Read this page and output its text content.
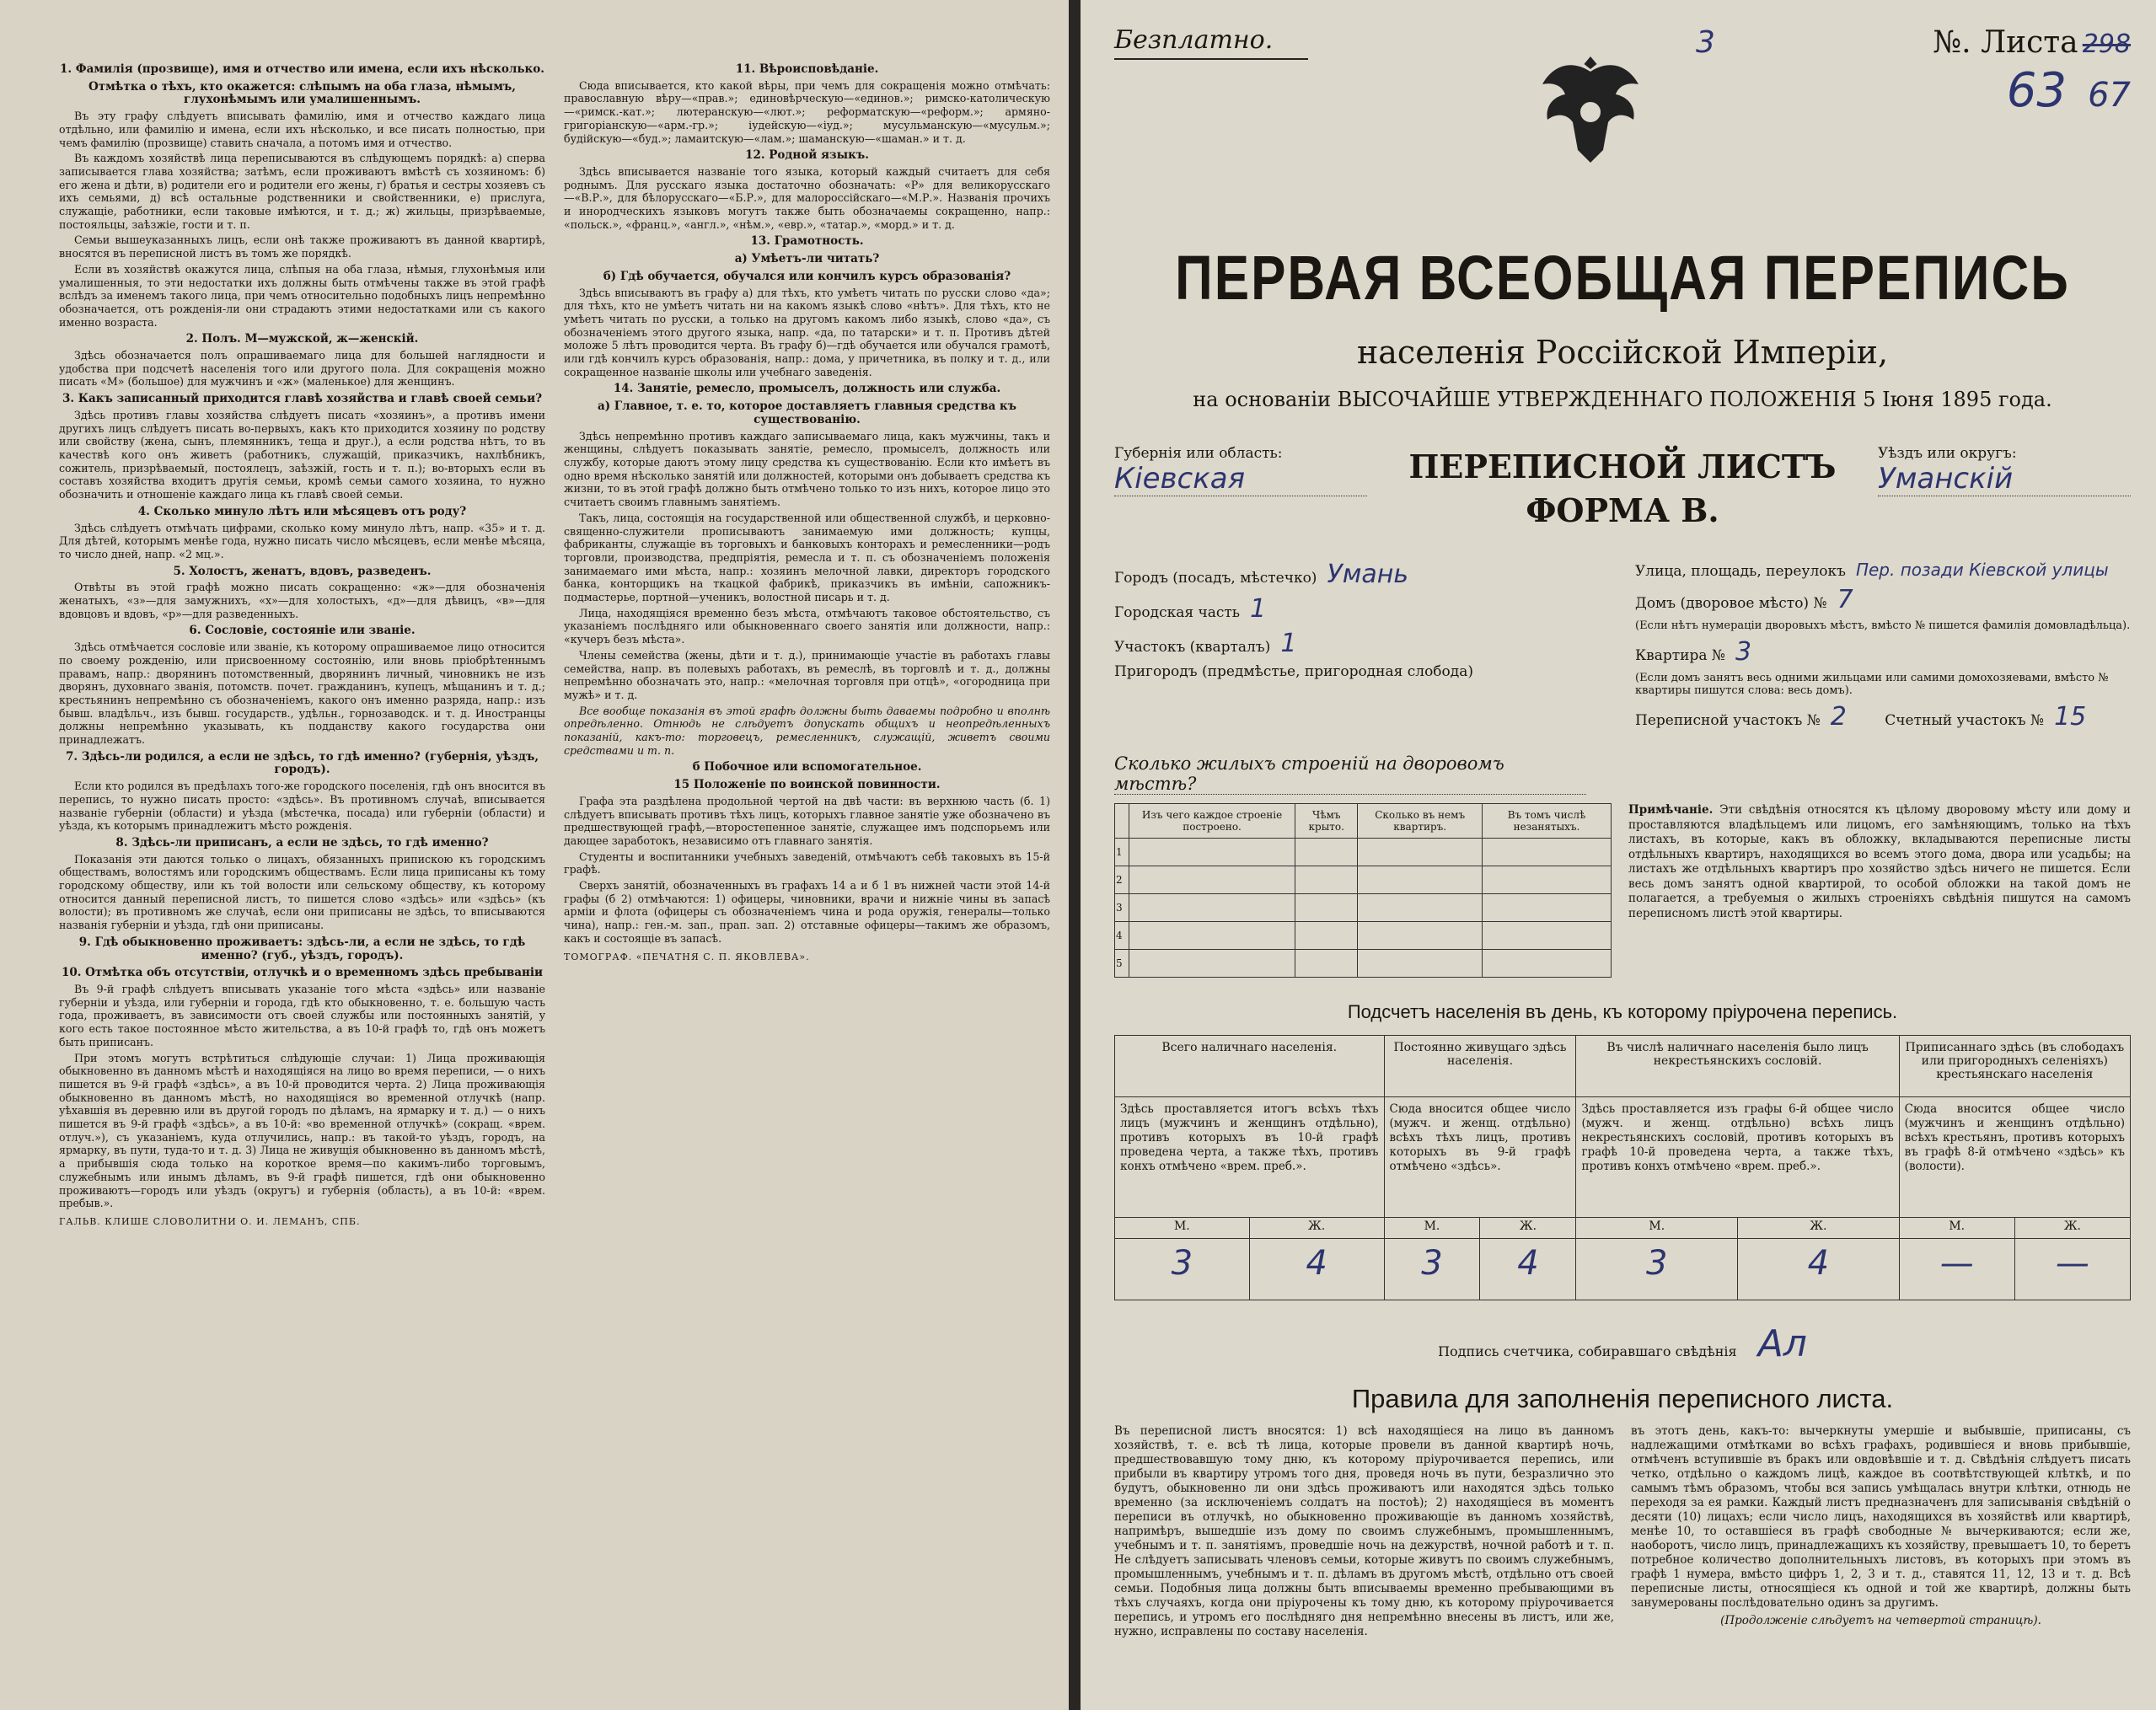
1. Фамилія (прозвище), имя и отчество или имена, если ихъ нѣсколько.
Отмѣтка о тѣхъ, кто окажется: слѣпымъ на оба глаза, нѣмымъ, глухонѣмымъ или умалишеннымъ.

Въ эту графу слѣдуетъ вписывать фамилію, имя и отчество каждаго лица отдѣльно, или фамилію и имена, если ихъ нѣсколько, и все писать полностью, при чемъ фамилію (прозвище) ставить сначала, а потомъ имя и отчество.

Въ каждомъ хозяйствѣ лица переписываются въ слѣдующемъ порядкѣ: а) сперва записывается глава хозяйства; затѣмъ, если проживаютъ вмѣстѣ съ хозяиномъ: б) его жена и дѣти, в) родители его и родители его жены, г) братья и сестры хозяевъ съ ихъ семьями, д) всѣ остальные родственники и свойственники, е) прислуга, служащіе, работники, если таковые имѣются, и т. д.; ж) жильцы, призрѣваемые, постояльцы, заѣзжіе, гости и т. п.

Семьи вышеуказанныхъ лицъ, если онѣ также проживаютъ въ данной квартирѣ, вносятся въ переписной листъ въ томъ же порядкѣ.

Если въ хозяйствѣ окажутся лица, слѣпыя на оба глаза, нѣмыя, глухонѣмыя или умалишенныя, то эти недостатки ихъ должны быть отмѣчены также въ этой графѣ вслѣдъ за именемъ такого лица, при чемъ относительно подобныхъ лицъ непремѣнно обозначается, отъ рожденія-ли они страдаютъ этими недостатками или съ какого именно возраста.

2. Полъ. М—мужской, ж—женскій.

Здѣсь обозначается полъ опрашиваемаго лица для большей наглядности и удобства при подсчетѣ населенія того или другого пола. Для сокращенія можно писать «М» (большое) для мужчинъ и «ж» (маленькое) для женщинъ.

3. Какъ записанный приходится главѣ хозяйства и главѣ своей семьи?

Здѣсь противъ главы хозяйства слѣдуетъ писать «хозяинъ», а противъ имени другихъ лицъ слѣдуетъ писать во-первыхъ, какъ кто приходится хозяину по родству или свойству (жена, сынъ, племянникъ, теща и друг.), а если родства нѣтъ, то въ качествѣ кого онъ живетъ (работникъ, служащій, приказчикъ, нахлѣбникъ, сожитель, призрѣваемый, постоялецъ, заѣзжій, гость и т. п.); во-вторыхъ если въ составъ хозяйства входитъ другія семьи, кромѣ семьи самого хозяина, то нужно обозначить и отношеніе каждаго лица къ главѣ своей семьи.

4. Сколько минуло лѣтъ или мѣсяцевъ отъ роду?

Здѣсь слѣдуетъ отмѣчать цифрами, сколько кому минуло лѣтъ, напр. «35» и т. д. Для дѣтей, которымъ менѣе года, нужно писать число мѣсяцевъ, если менѣе мѣсяца, то число дней, напр. «2 мц.».

5. Холостъ, женатъ, вдовъ, разведенъ.

Отвѣты въ этой графѣ можно писать сокращенно: «ж»—для обозначенія женатыхъ, «з»—для замужнихъ, «х»—для холостыхъ, «д»—для дѣвицъ, «в»—для вдовцовъ и вдовъ, «р»—для разведенныхъ.

6. Сословіе, состояніе или званіе.

Здѣсь отмѣчается сословіе или званіе, къ которому опрашиваемое лицо относится по своему рожденію, или присвоенному состоянію, или вновь пріобрѣтеннымъ правамъ, напр.: дворянинъ потомственный, дворянинъ личный, чиновникъ не изъ дворянъ, духовнаго званія, потомств. почет. гражданинъ, купецъ, мѣщанинъ и т. д.; крестьянинъ непремѣнно съ обозначеніемъ, какого онъ именно разряда, напр.: изъ бывш. владѣльч., изъ бывш. государств., удѣльн., горнозаводск. и т. д. Иностранцы должны непремѣнно указывать, къ подданству какого государства они принадлежатъ.

7. Здѣсь-ли родился, а если не здѣсь, то гдѣ именно? (губернія, уѣздъ, городъ).

Если кто родился въ предѣлахъ того-же городского поселенія, гдѣ онъ вносится въ перепись, то нужно писать просто: «здѣсь». Въ противномъ случаѣ, вписывается названіе губерніи (области) и уѣзда (мѣстечка, посада) или губерніи (области) и уѣзда, къ которымъ принадлежитъ мѣсто рожденія.

8. Здѣсь-ли приписанъ, а если не здѣсь, то гдѣ именно?

Показанія эти даются только о лицахъ, обязанныхъ припискою къ городскимъ обществамъ, волостямъ или городскимъ обществамъ. Если лица приписаны къ тому городскому обществу, или къ той волости или сельскому обществу, къ которому относится данный переписной листъ, то пишется слово «здѣсь» или «здѣсь» (къ волости); въ противномъ же случаѣ, если они приписаны не здѣсь, то вписываются названія губерніи и уѣзда, гдѣ они приписаны.

9. Гдѣ обыкновенно проживаетъ: здѣсь-ли, а если не здѣсь, то гдѣ именно? (губ., уѣздъ, городъ).
10. Отмѣтка объ отсутствіи, отлучкѣ и о временномъ здѣсь пребываніи

Въ 9-й графѣ слѣдуетъ вписывать указаніе того мѣста «здѣсь» или названіе губерніи и уѣзда, или губерніи и города, гдѣ кто обыкновенно, т. е. большую часть года, проживаетъ, въ зависимости отъ своей службы или постоянныхъ занятій, у кого есть такое постоянное мѣсто жительства, а въ 10-й графѣ то, гдѣ онъ можетъ быть приписанъ.

При этомъ могутъ встрѣтиться слѣдующіе случаи: 1) Лица проживающія обыкновенно въ данномъ мѣстѣ и находящіяся на лицо во время переписи, — о нихъ пишется въ 9-й графѣ «здѣсь», а въ 10-й проводится черта. 2) Лица проживающія обыкновенно въ данномъ мѣстѣ, но находящіяся во временной отлучкѣ (напр. уѣхавшія въ деревню или въ другой городъ по дѣламъ, на ярмарку и т. д.) — о нихъ пишется въ 9-й графѣ «здѣсь», а въ 10-й: «во временной отлучкѣ» (сокращ. «врем. отлуч.»), съ указаніемъ, куда отлучились, напр.: въ такой-то уѣздъ, городъ, на ярмарку, въ пути, туда-то и т. д. 3) Лица не живущія обыкновенно въ данномъ мѣстѣ, а прибывшія сюда только на короткое время—по какимъ-либо торговымъ, служебнымъ или инымъ дѣламъ, въ 9-й графѣ пишется, гдѣ они обыкновенно проживаютъ—городъ или уѣздъ (округъ) и губернія (область), а въ 10-й: «врем. пребыв.».

ГАЛЬВ. КЛИШЕ СЛОВОЛИТНИ О. И. ЛЕМАНЪ, СПБ.
11. Вѣроисповѣданіе.

Сюда вписывается, кто какой вѣры, при чемъ для сокращенія можно отмѣчать: православную вѣру—«прав.»; единовѣрческую—«единов.»; римско-католическую—«римск.-кат.»; лютеранскую—«лют.»; реформатскую—«реформ.»; армяно-григоріанскую—«арм.-гр.»; іудейскую—«іуд.»; мусульманскую—«мусульм.»; будійскую—«буд.»; ламаитскую—«лам.»; шаманскую—«шаман.» и т. д.

12. Родной языкъ.

Здѣсь вписывается названіе того языка, который каждый считаетъ для себя роднымъ. Для русскаго языка достаточно обозначать: «Р» для великорусскаго—«В.Р.», для бѣлорусскаго—«Б.Р.», для малороссійскаго—«М.Р.». Названія прочихъ и инородческихъ языковъ могутъ также быть обозначаемы сокращенно, напр.: «польск.», «франц.», «англ.», «нѣм.», «евр.», «татар.», «морд.» и т. д.

13. Грамотность.
а) Умѣетъ-ли читать?
б) Гдѣ обучается, обучался или кончилъ курсъ образованія?

Здѣсь вписываютъ въ графу а) для тѣхъ, кто умѣетъ читать по русски слово «да»; для тѣхъ, кто не умѣетъ читать ни на какомъ языкѣ слово «нѣтъ». Для тѣхъ, кто не умѣетъ читать по русски, а только на другомъ какомъ либо языкѣ, слово «да», съ обозначеніемъ этого другого языка, напр. «да, по татарски» и т. п. Противъ дѣтей моложе 5 лѣтъ проводится черта. Въ графу б)—гдѣ обучается или обучался грамотѣ, или гдѣ кончилъ курсъ образованія, напр.: дома, у причетника, въ полку и т. д., или сокращенное названіе школы или учебнаго заведенія.

14. Занятіе, ремесло, промыселъ, должность или служба.
а) Главное, т. е. то, которое доставляетъ главныя средства къ существованію.

Здѣсь непремѣнно противъ каждаго записываемаго лица, какъ мужчины, такъ и женщины, слѣдуетъ показывать занятіе, ремесло, промыселъ, должность или службу, которые даютъ этому лицу средства къ существованію. Если кто имѣетъ въ одно время нѣсколько занятій или должностей, которыми онъ добываетъ средства къ жизни, то въ этой графѣ должно быть отмѣчено только то изъ нихъ, которое лицо это считаетъ своимъ главнымъ занятіемъ.

Такъ, лица, состоящія на государственной или общественной службѣ, и церковно-священно-служители прописываютъ занимаемую ими должность; купцы, фабриканты, служащіе въ торговыхъ и банковыхъ конторахъ и ремесленники—родъ торговли, производства, предпріятія, ремесла и т. п. съ обозначеніемъ положенія занимаемаго ими мѣста, напр.: хозяинъ мелочной лавки, директоръ городского банка, конторщикъ на ткацкой фабрикѣ, приказчикъ въ имѣніи, сапожникъ-подмастерье, портной—ученикъ, волостной писарь и т. д.

Лица, находящіяся временно безъ мѣста, отмѣчаютъ таковое обстоятельство, съ указаніемъ послѣдняго или обыкновеннаго своего занятія или должности, напр.: «кучеръ безъ мѣста».

Члены семейства (жены, дѣти и т. д.), принимающіе участіе въ работахъ главы семейства, напр. въ полевыхъ работахъ, въ ремеслѣ, въ торговлѣ и т. д., должны непремѣнно обозначать это, напр.: «мелочная торговля при отцѣ», «огородница при мужѣ» и т. д.

Все вообще показанія въ этой графѣ должны быть даваемы подробно и вполнѣ опредѣленно. Отнюдь не слѣдуетъ допускать общихъ и неопредѣленныхъ показаній, какъ-то: торговецъ, ремесленникъ, служащій, живетъ своими средствами и т. п.

б Побочное или вспомогательное.
15 Положеніе по воинской повинности.

Графа эта раздѣлена продольной чертой на двѣ части: въ верхнюю часть (б. 1) слѣдуетъ вписывать противъ тѣхъ лицъ, которыхъ главное занятіе уже обозначено въ предшествующей графѣ,—второстепенное занятіе, служащее имъ подспорьемъ или дающее заработокъ, независимо отъ главнаго занятія.

Студенты и воспитанники учебныхъ заведеній, отмѣчаютъ себѣ таковыхъ въ 15-й графѣ.

Сверхъ занятій, обозначенныхъ въ графахъ 14 а и б 1 въ нижней части этой 14-й графы (б 2) отмѣчаются: 1) офицеры, чиновники, врачи и нижніе чины въ запасѣ арміи и флота (офицеры съ обозначеніемъ чина и рода оружія, генералы—только чина), напр.: ген.-м. зап., прап. зап. 2) отставные офицеры—такимъ же образомъ, какъ и состоящіе въ запасѣ.

ТОМОГРАФ. «ПЕЧАТНЯ С. П. ЯКОВЛЕВА».
Безплатно.	3	№. Листа 298
63 67
ПЕРВАЯ ВСЕОБЩАЯ ПЕРЕПИСЬ
населенія Россійской Имперіи,
на основаніи ВЫСОЧАЙШЕ УТВЕРЖДЕННАГО ПОЛОЖЕНІЯ 5 Іюня 1895 года.
Губернія или область:
Кіевская	ПЕРЕПИСНОЙ ЛИСТЪ
ФОРМА В.
Уѣздъ или округъ:
Уманскій
Городъ (посадъ, мѣстечко) Умань
Городская часть 1
Участокъ (кварталъ) 1
Пригородъ (предмѣстье, пригородная слобода)
Улица, площадь, переулокъ Пер. позади Кіевской улицы
Домъ (дворовое мѣсто) № 7
(Если нѣтъ нумераціи дворовыхъ мѣстъ, вмѣсто № пишется фамилія домовладѣльца).
Квартира № 3
(Если домъ занятъ весь одними жильцами или самими домохозяевами, вмѣсто № квартиры пишутся слова: весь домъ).
Переписной участокъ № 2	Счетный участокъ № 15
Сколько жилыхъ строеній на дворовомъ мѣстѣ?
	Изъ чего каждое строеніе построено.	Чѣмъ крыто.	Сколько въ немъ квартиръ.	Въ томъ числѣ незанятыхъ.
1				
2				
3				
4				
5				
Примѣчаніе. Эти свѣдѣнія относятся къ цѣлому дворовому мѣсту или дому и проставляются владѣльцемъ или лицомъ, его замѣняющимъ, только на тѣхъ листахъ, въ которые, какъ въ обложку, вкладываются переписные листы отдѣльныхъ квартиръ, находящихся во всемъ этого дома, двора или усадьбы; на листахъ же отдѣльныхъ квартиръ про хозяйство здѣсь ничего не пишется. Если весь домъ занятъ одной квартирой, то особой обложки на такой домъ не полагается, а требуемыя о жилыхъ строеніяхъ свѣдѣнія пишутся на самомъ переписномъ листѣ этой квартиры.
Подсчетъ населенія въ день, къ которому пріурочена перепись.
Всего наличнаго населенія.		Постоянно живущаго здѣсь населенія.		Въ числѣ наличнаго населенія было лицъ некрестьянскихъ сословій.		Приписаннаго здѣсь (въ слободахъ или пригородныхъ селеніяхъ) крестьянскаго населенія	
Здѣсь проставляется итогъ всѣхъ тѣхъ лицъ (мужчинъ и женщинъ отдѣльно), противъ которыхъ въ 10-й графѣ проведена черта, а также тѣхъ, противъ конхъ отмѣчено «врем. преб.».		Сюда вносится общее число (мужч. и женщ. отдѣльно) всѣхъ тѣхъ лицъ, противъ которыхъ въ 9-й графѣ отмѣчено «здѣсь».		Здѣсь проставляется изъ графы 6-й общее число (мужч. и женщ. отдѣльно) всѣхъ лицъ некрестьянскихъ сословій, противъ которыхъ въ графѣ 10-й проведена черта, а также тѣхъ, противъ конхъ отмѣчено «врем. преб.».		Сюда вносится общее число (мужчинъ и женщинъ отдѣльно) всѣхъ крестьянъ, противъ которыхъ въ графѣ 8-й отмѣчено «здѣсь» къ (волости).	
М.	Ж.	М.	Ж.	М.	Ж.	М.	Ж.
3	4	3	4	3	4	—	—
Подпись счетчика, собиравшаго свѣдѣнія Ал
Правила для заполненія переписного листа.
Въ переписной листъ вносятся: 1) всѣ находящіеся на лицо въ данномъ хозяйствѣ, т. е. всѣ тѣ лица, которые провели въ данной квартирѣ ночь, предшествовавшую тому дню, къ которому пріурочивается перепись, или прибыли въ квартиру утромъ того дня, проведя ночь въ пути, безразлично это будутъ, обыкновенно ли они здѣсь проживаютъ или находятся здѣсь только временно (за исключеніемъ солдатъ на постоѣ); 2) находящіеся въ моментъ переписи въ отлучкѣ, но обыкновенно проживающіе въ данномъ хозяйствѣ, напримѣръ, вышедшіе изъ дому по своимъ служебнымъ, промышленнымъ, учебнымъ и т. п. занятіямъ, проведшіе ночь на дежурствѣ, ночной работѣ и т. п. Не слѣдуетъ записывать членовъ семьи, которые живутъ по своимъ служебнымъ, промышленнымъ, учебнымъ и т. п. дѣламъ въ другомъ мѣстѣ, отдѣльно отъ своей семьи. Подобныя лица должны быть вписываемы временно пребывающими въ тѣхъ случаяхъ, когда они пріурочены къ тому дню, къ которому пріурочивается перепись, и утромъ его послѣдняго дня непремѣнно внесены въ листъ, или же, нужно, исправлены по составу населенія.
въ этотъ день, какъ-то: вычеркнуты умершіе и выбывшіе, приписаны, съ надлежащими отмѣтками во всѣхъ графахъ, родившіеся и вновь прибывшіе, отмѣченъ вступившіе въ бракъ или овдовѣвшіе и т. д. Свѣдѣнія слѣдуетъ писать четко, отдѣльно о каждомъ лицѣ, каждое въ соотвѣтствующей клѣткѣ, и по самымъ тѣмъ образомъ, чтобы вся запись умѣщалась внутри клѣтки, отнюдь не переходя за ея рамки. Каждый листъ предназначенъ для записыванія свѣдѣній о десяти (10) лицахъ; если число лицъ, находящихся въ хозяйствѣ или квартирѣ, менѣе 10, то оставшіеся въ графѣ свободные № вычеркиваются; если же, наоборотъ, число лицъ, принадлежащихъ къ хозяйству, превышаетъ 10, то беретъ потребное количество дополнительныхъ листовъ, въ которыхъ при этомъ въ графѣ 1 нумера, вмѣсто цифръ 1, 2, 3 и т. д., ставятся 11, 12, 13 и т. д. Всѣ переписные листы, относящіеся къ одной и той же квартирѣ, должны быть занумерованы послѣдовательно одинъ за другимъ.
(Продолженіе слѣдуетъ на четвертой страницѣ).
